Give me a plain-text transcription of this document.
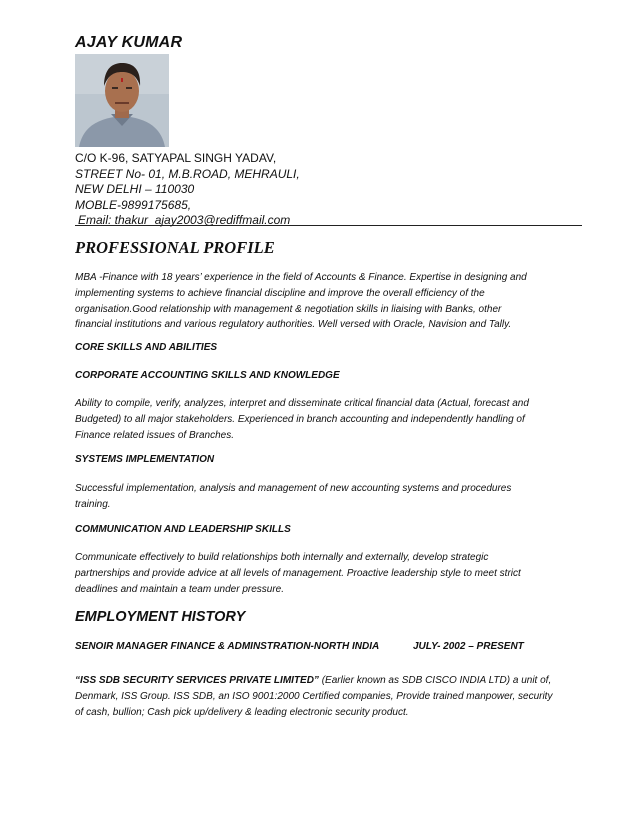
AJAY KUMAR
C/O K-96, SATYAPAL SINGH YADAV,
STREET No- 01, M.B.ROAD, MEHRAULI,
NEW DELHI – 110030
MOBLE-9899175685,
Email: thakur_ajay2003@rediffmail.com
PROFESSIONAL PROFILE
MBA -Finance with 18 years’ experience in the field of Accounts & Finance. Expertise in designing and
implementing systems to achieve financial discipline and improve the overall efficiency of the
organisation.Good relationship with management & negotiation skills in liaising with Banks, other
financial institutions and various regulatory authorities. Well versed with Oracle, Navision and Tally.
CORE SKILLS AND ABILITIES
CORPORATE ACCOUNTING SKILLS AND KNOWLEDGE
Ability to compile, verify, analyzes, interpret and disseminate critical financial data (Actual, forecast and
Budgeted) to all major stakeholders. Experienced in branch accounting and independently handling of
Finance related issues of Branches.
SYSTEMS IMPLEMENTATION
Successful implementation, analysis and management of new accounting systems and procedures
training.
COMMUNICATION AND LEADERSHIP SKILLS
Communicate effectively to build relationships both internally and externally, develop strategic
partnerships and provide advice at all levels of management. Proactive leadership style to meet strict
deadlines and maintain a team under pressure.
EMPLOYMENT HISTORY
SENOIR MANAGER FINANCE & ADMINSTRATION-NORTH INDIA	JULY- 2002 – PRESENT
“ISS SDB SECURITY SERVICES PRIVATE LIMITED” (Earlier known as SDB CISCO INDIA LTD) a unit of,
Denmark, ISS Group. ISS SDB, an ISO 9001:2000 Certified companies, Provide trained manpower, security
of cash, bullion; Cash pick up/delivery & leading electronic security product.
